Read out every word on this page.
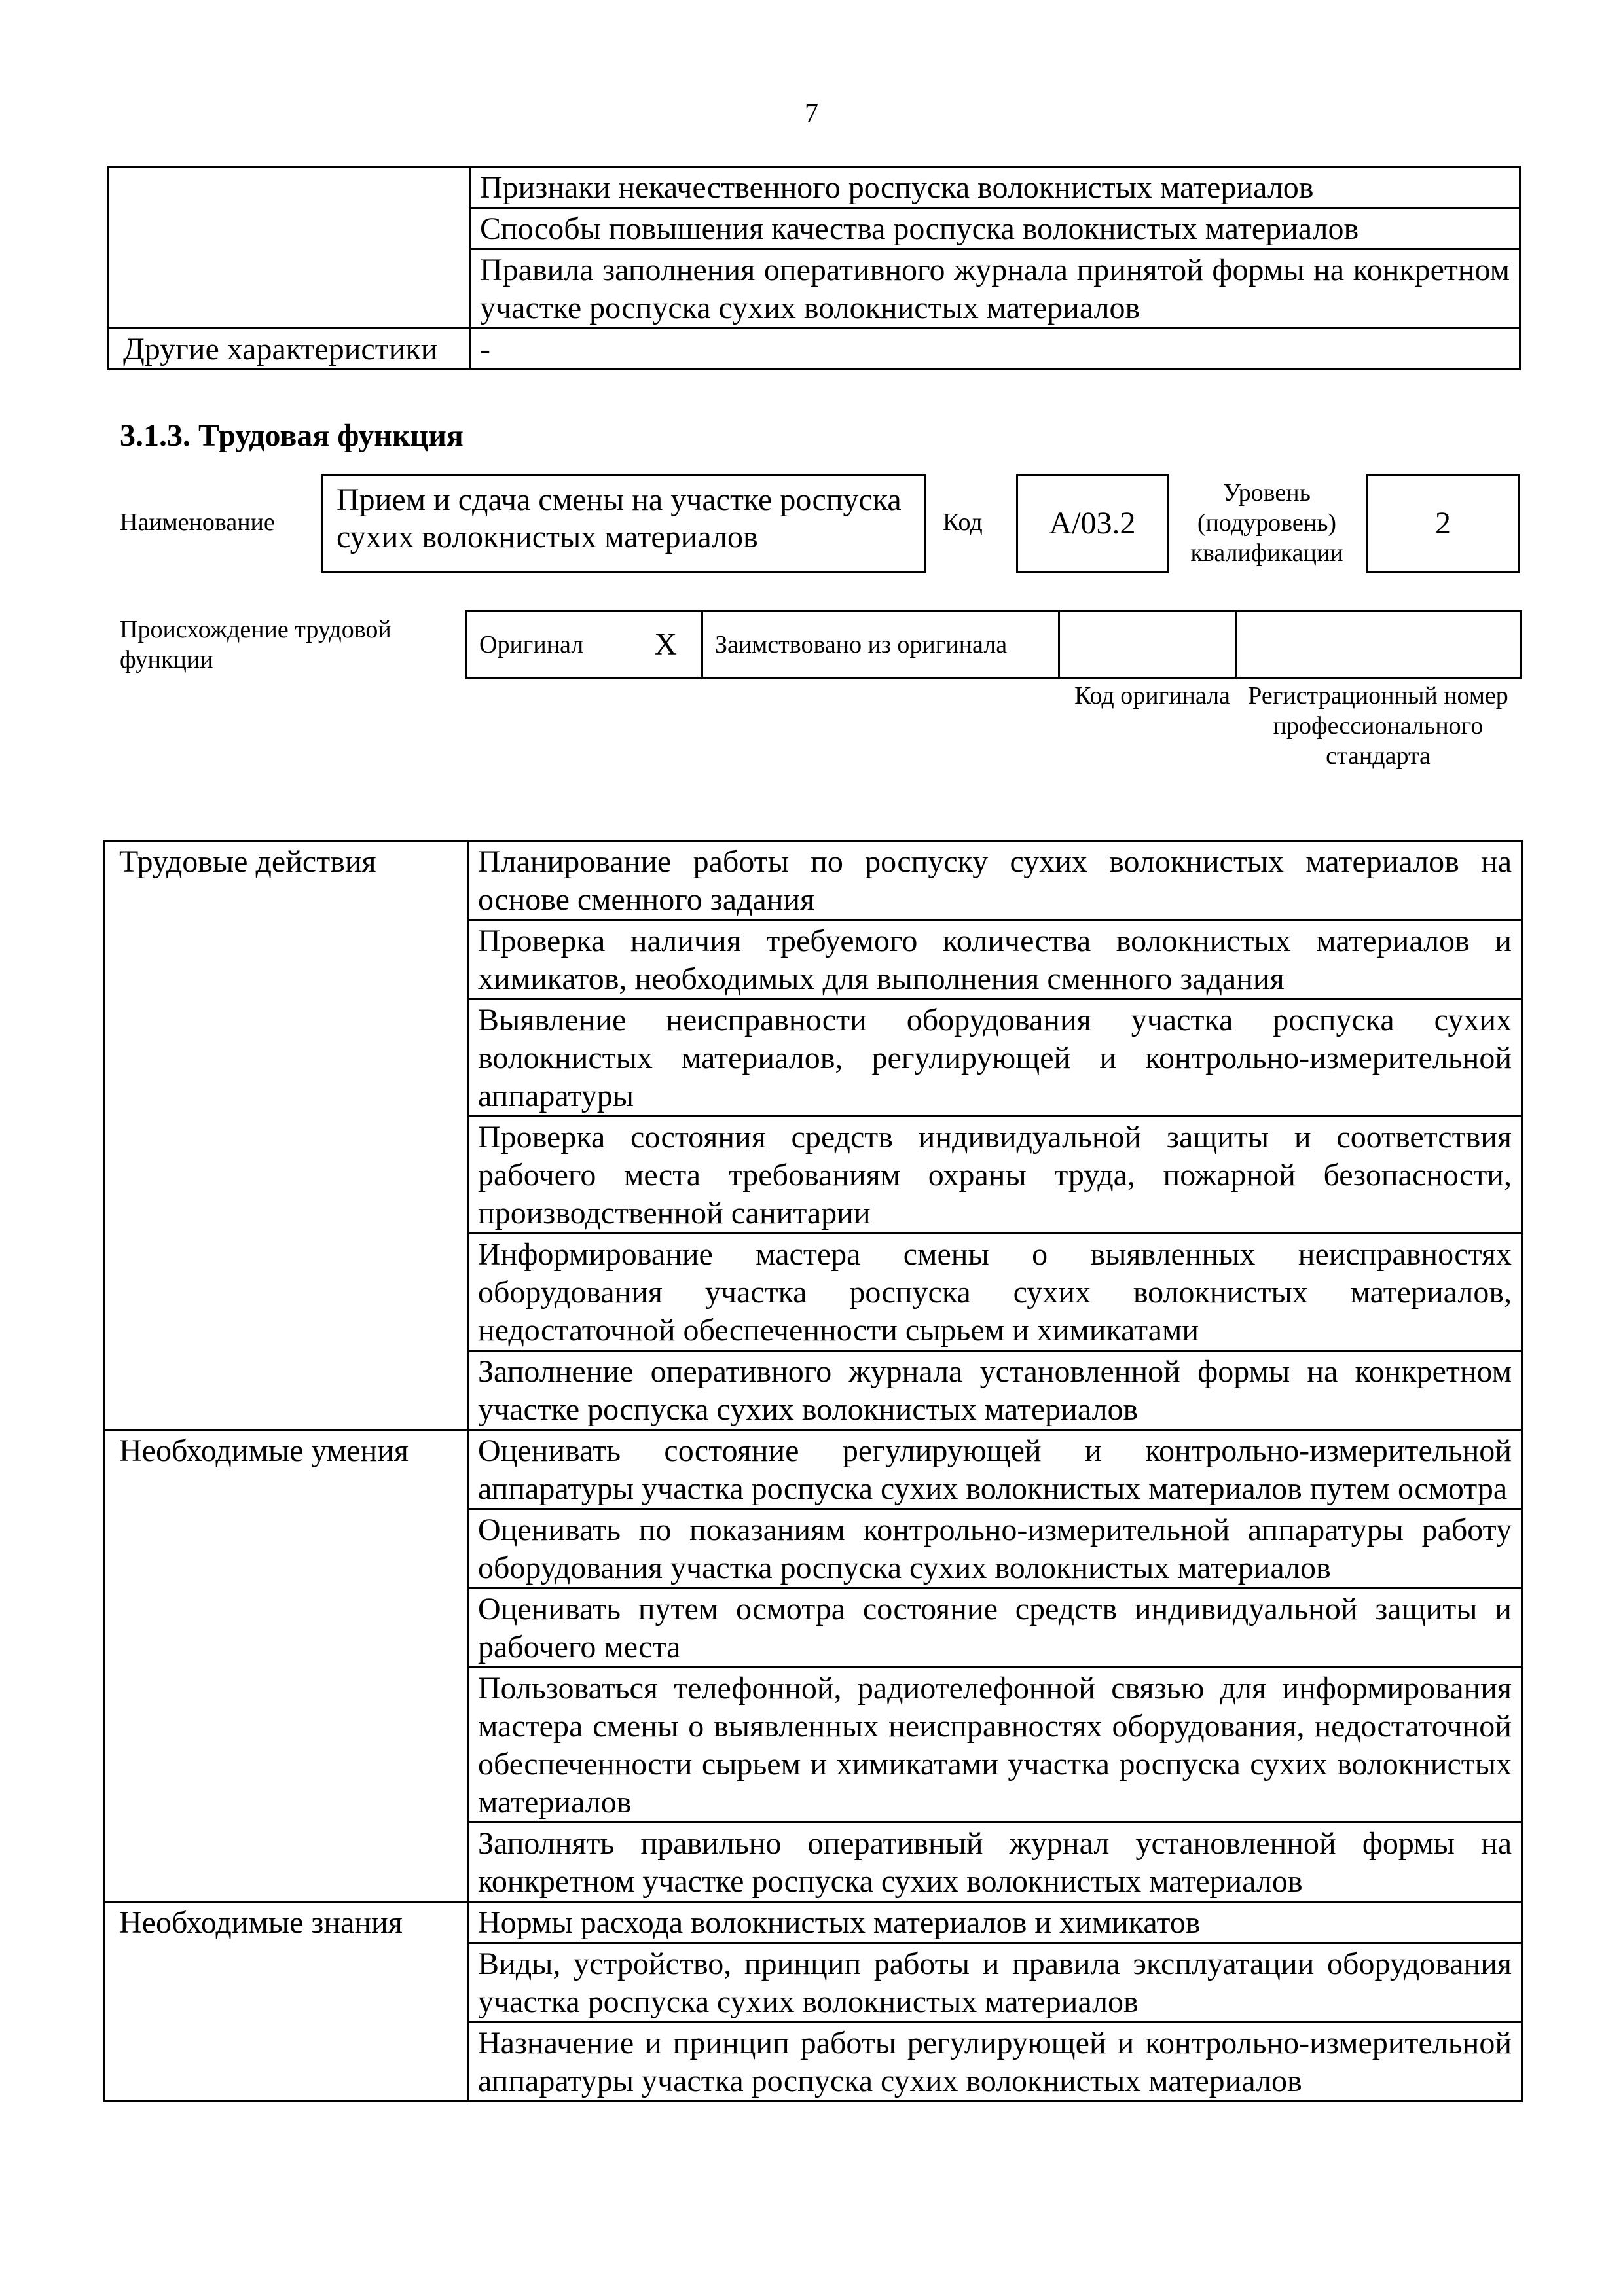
7
	Признаки некачественного роспуска волокнистых материалов
	Способы повышения качества роспуска волокнистых материалов
	Правила заполнения оперативного журнала принятой формы на конкретном участке роспуска сухих волокнистых материалов
Другие характеристики	-
3.1.3. Трудовая функция
Наименование
Прием и сдача смены на участке роспуска сухих волокнистых материалов	Код А/03.2
Уровень (подуровень) квалификации
2
Происхождение трудовой функции
Оригинал	X	Заимствовано из оригинала		
Код оригинала Регистрационный номер профессионального стандарта
Трудовые действия	Планирование работы по роспуску сухих волокнистых материалов на основе сменного задания
	Проверка наличия требуемого количества волокнистых материалов и химикатов, необходимых для выполнения сменного задания
	Выявление неисправности оборудования участка роспуска сухих волокнистых материалов, регулирующей и контрольно-измерительной аппаратуры
	Проверка состояния средств индивидуальной защиты и соответствия рабочего места требованиям охраны труда, пожарной безопасности, производственной санитарии
	Информирование мастера смены о выявленных неисправностях оборудования участка роспуска сухих волокнистых материалов, недостаточной обеспеченности сырьем и химикатами
	Заполнение оперативного журнала установленной формы на конкретном участке роспуска сухих волокнистых материалов
Необходимые умения	Оценивать состояние регулирующей и контрольно-измерительной аппаратуры участка роспуска сухих волокнистых материалов путем осмотра
	Оценивать по показаниям контрольно-измерительной аппаратуры работу оборудования участка роспуска сухих волокнистых материалов
	Оценивать путем осмотра состояние средств индивидуальной защиты и рабочего места
	Пользоваться телефонной, радиотелефонной связью для информирования мастера смены о выявленных неисправностях оборудования, недостаточной обеспеченности сырьем и химикатами участка роспуска сухих волокнистых материалов
	Заполнять правильно оперативный журнал установленной формы на конкретном участке роспуска сухих волокнистых материалов
Необходимые знания	Нормы расхода волокнистых материалов и химикатов
	Виды, устройство, принцип работы и правила эксплуатации оборудования участка роспуска сухих волокнистых материалов
	Назначение и принцип работы регулирующей и контрольно-измерительной аппаратуры участка роспуска сухих волокнистых материалов
